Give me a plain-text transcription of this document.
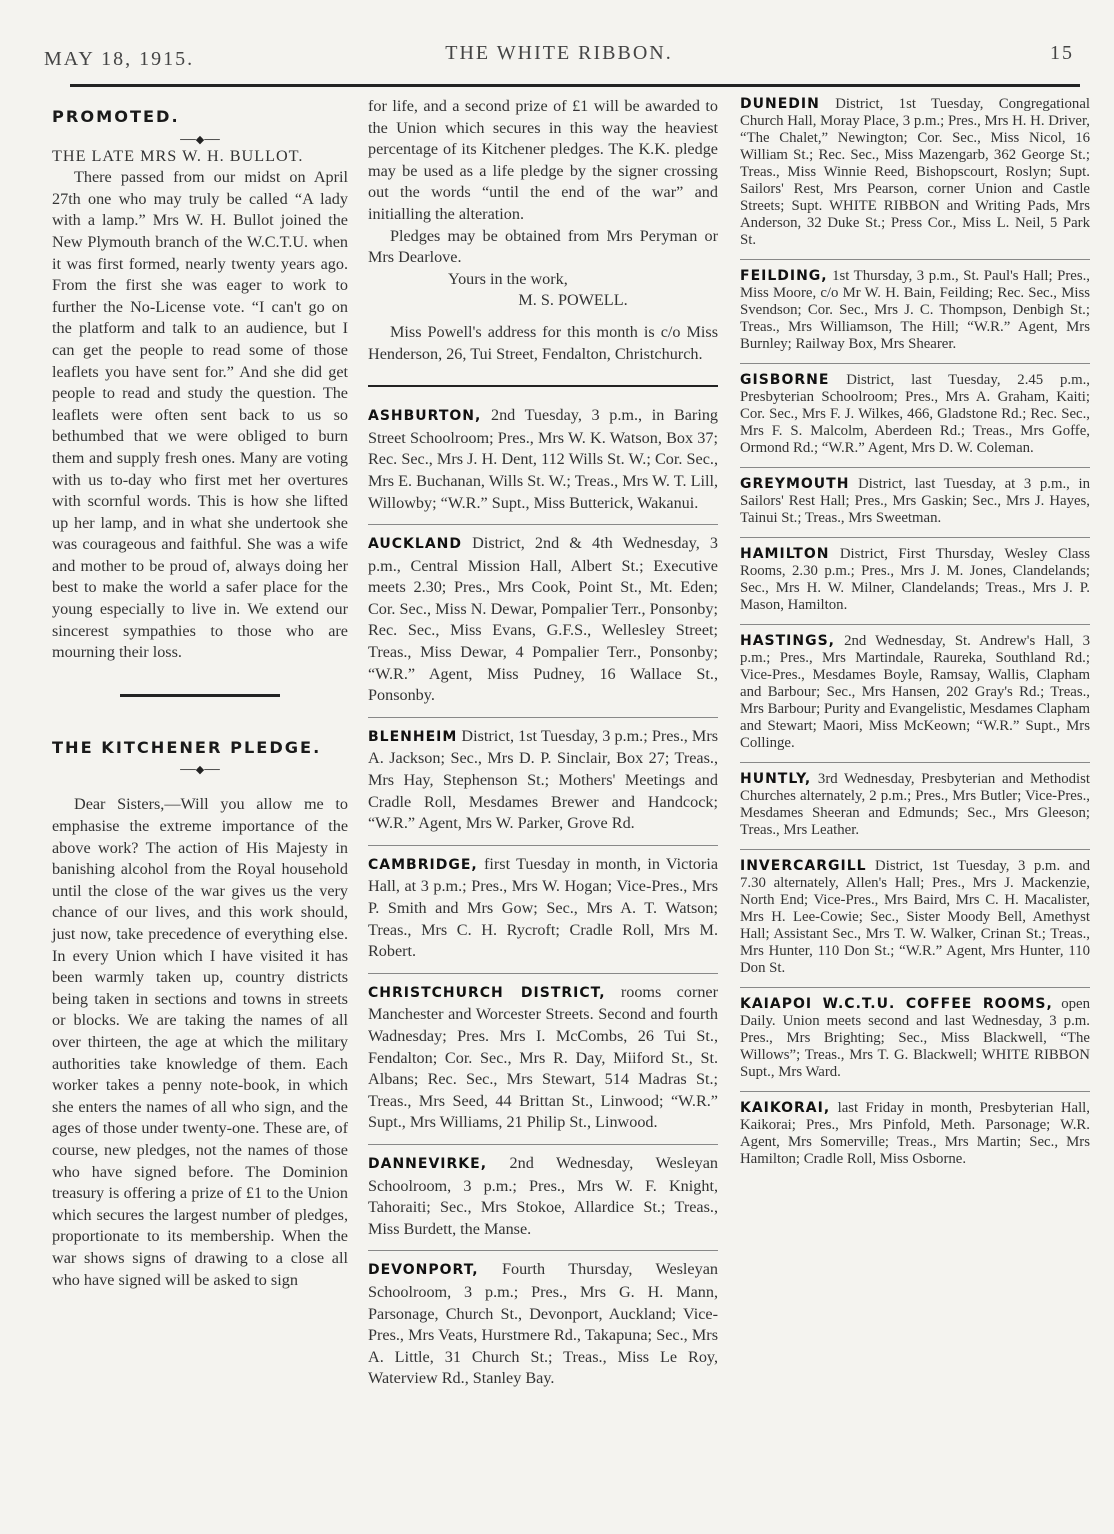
MAY 18, 1915.	THE WHITE RIBBON.	15

PROMOTED.

──◆──

THE LATE MRS W. H. BULLOT.

There passed from our midst on April 27th one who may truly be called “A lady with a lamp.” Mrs W. H. Bullot joined the New Plymouth branch of the W.C.T.U. when it was first formed, nearly twenty years ago. From the first she was eager to work to further the No-License vote. “I can't go on the platform and talk to an audience, but I can get the people to read some of those leaflets you have sent for.” And she did get people to read and study the question. The leaflets were often sent back to us so bethumbed that we were obliged to burn them and supply fresh ones. Many are voting with us to-day who first met her overtures with scornful words. This is how she lifted up her lamp, and in what she undertook she was courageous and faithful. She was a wife and mother to be proud of, always doing her best to make the world a safer place for the young especially to live in. We extend our sincerest sympathies to those who are mourning their loss.

THE KITCHENER PLEDGE.

──◆──

Dear Sisters,—Will you allow me to emphasise the extreme importance of the above work? The action of His Majesty in banishing alcohol from the Royal household until the close of the war gives us the very chance of our lives, and this work should, just now, take precedence of everything else. In every Union which I have visited it has been warmly taken up, country districts being taken in sections and towns in streets or blocks. We are taking the names of all over thirteen, the age at which the military authorities take knowledge of them. Each worker takes a penny note-book, in which she enters the names of all who sign, and the ages of those under twenty-one. These are, of course, new pledges, not the names of those who have signed before. The Dominion treasury is offering a prize of £1 to the Union which secures the largest number of pledges, proportionate to its membership. When the war shows signs of drawing to a close all who have signed will be asked to sign

for life, and a second prize of £1 will be awarded to the Union which secures in this way the heaviest percentage of its Kitchener pledges. The K.K. pledge may be used as a life pledge by the signer crossing out the words “until the end of the war” and initialling the alteration.

Pledges may be obtained from Mrs Peryman or Mrs Dearlove.

Yours in the work,

M. S. POWELL.

Miss Powell's address for this month is c/o Miss Henderson, 26, Tui Street, Fendalton, Christchurch.

ASHBURTON, 2nd Tuesday, 3 p.m., in Baring Street Schoolroom; Pres., Mrs W. K. Watson, Box 37; Rec. Sec., Mrs J. H. Dent, 112 Wills St. W.; Cor. Sec., Mrs E. Buchanan, Wills St. W.; Treas., Mrs W. T. Lill, Willowby; “W.R.” Supt., Miss Butterick, Wakanui.

AUCKLAND District, 2nd & 4th Wednesday, 3 p.m., Central Mission Hall, Albert St.; Executive meets 2.30; Pres., Mrs Cook, Point St., Mt. Eden; Cor. Sec., Miss N. Dewar, Pompalier Terr., Ponsonby; Rec. Sec., Miss Evans, G.F.S., Wellesley Street; Treas., Miss Dewar, 4 Pompalier Terr., Ponsonby; “W.R.” Agent, Miss Pudney, 16 Wallace St., Ponsonby.

BLENHEIM District, 1st Tuesday, 3 p.m.; Pres., Mrs A. Jackson; Sec., Mrs D. P. Sinclair, Box 27; Treas., Mrs Hay, Stephenson St.; Mothers' Meetings and Cradle Roll, Mesdames Brewer and Handcock; “W.R.” Agent, Mrs W. Parker, Grove Rd.

CAMBRIDGE, first Tuesday in month, in Victoria Hall, at 3 p.m.; Pres., Mrs W. Hogan; Vice-Pres., Mrs P. Smith and Mrs Gow; Sec., Mrs A. T. Watson; Treas., Mrs C. H. Rycroft; Cradle Roll, Mrs M. Robert.

CHRISTCHURCH DISTRICT, rooms corner Manchester and Worcester Streets. Second and fourth Wadnesday; Pres. Mrs I. McCombs, 26 Tui St., Fendalton; Cor. Sec., Mrs R. Day, Miiford St., St. Albans; Rec. Sec., Mrs Stewart, 514 Madras St.; Treas., Mrs Seed, 44 Brittan St., Linwood; “W.R.” Supt., Mrs Williams, 21 Philip St., Linwood.

DANNEVIRKE, 2nd Wednesday, Wesleyan Schoolroom, 3 p.m.; Pres., Mrs W. F. Knight, Tahoraiti; Sec., Mrs Stokoe, Allardice St.; Treas., Miss Burdett, the Manse.

DEVONPORT, Fourth Thursday, Wesleyan Schoolroom, 3 p.m.; Pres., Mrs G. H. Mann, Parsonage, Church St., Devonport, Auckland; Vice-Pres., Mrs Veats, Hurstmere Rd., Takapuna; Sec., Mrs A. Little, 31 Church St.; Treas., Miss Le Roy, Waterview Rd., Stanley Bay.

DUNEDIN District, 1st Tuesday, Congregational Church Hall, Moray Place, 3 p.m.; Pres., Mrs H. H. Driver, “The Chalet,” Newington; Cor. Sec., Miss Nicol, 16 William St.; Rec. Sec., Miss Mazengarb, 362 George St.; Treas., Miss Winnie Reed, Bishopscourt, Roslyn; Supt. Sailors' Rest, Mrs Pearson, corner Union and Castle Streets; Supt. WHITE RIBBON and Writing Pads, Mrs Anderson, 32 Duke St.; Press Cor., Miss L. Neil, 5 Park St.

FEILDING, 1st Thursday, 3 p.m., St. Paul's Hall; Pres., Miss Moore, c/o Mr W. H. Bain, Feilding; Rec. Sec., Miss Svendson; Cor. Sec., Mrs J. C. Thompson, Denbigh St.; Treas., Mrs Williamson, The Hill; “W.R.” Agent, Mrs Burnley; Railway Box, Mrs Shearer.

GISBORNE District, last Tuesday, 2.45 p.m., Presbyterian Schoolroom; Pres., Mrs A. Graham, Kaiti; Cor. Sec., Mrs F. J. Wilkes, 466, Gladstone Rd.; Rec. Sec., Mrs F. S. Malcolm, Aberdeen Rd.; Treas., Mrs Goffe, Ormond Rd.; “W.R.” Agent, Mrs D. W. Coleman.

GREYMOUTH District, last Tuesday, at 3 p.m., in Sailors' Rest Hall; Pres., Mrs Gaskin; Sec., Mrs J. Hayes, Tainui St.; Treas., Mrs Sweetman.

HAMILTON District, First Thursday, Wesley Class Rooms, 2.30 p.m.; Pres., Mrs J. M. Jones, Clandelands; Sec., Mrs H. W. Milner, Clandelands; Treas., Mrs J. P. Mason, Hamilton.

HASTINGS, 2nd Wednesday, St. Andrew's Hall, 3 p.m.; Pres., Mrs Martindale, Raureka, Southland Rd.; Vice-Pres., Mesdames Boyle, Ramsay, Wallis, Clapham and Barbour; Sec., Mrs Hansen, 202 Gray's Rd.; Treas., Mrs Barbour; Purity and Evangelistic, Mesdames Clapham and Stewart; Maori, Miss McKeown; “W.R.” Supt., Mrs Collinge.

HUNTLY, 3rd Wednesday, Presbyterian and Methodist Churches alternately, 2 p.m.; Pres., Mrs Butler; Vice-Pres., Mesdames Sheeran and Edmunds; Sec., Mrs Gleeson; Treas., Mrs Leather.

INVERCARGILL District, 1st Tuesday, 3 p.m. and 7.30 alternately, Allen's Hall; Pres., Mrs J. Mackenzie, North End; Vice-Pres., Mrs Baird, Mrs C. H. Macalister, Mrs H. Lee-Cowie; Sec., Sister Moody Bell, Amethyst Hall; Assistant Sec., Mrs T. W. Walker, Crinan St.; Treas., Mrs Hunter, 110 Don St.; “W.R.” Agent, Mrs Hunter, 110 Don St.

KAIAPOI W.C.T.U. COFFEE ROOMS, open Daily. Union meets second and last Wednesday, 3 p.m. Pres., Mrs Brighting; Sec., Miss Blackwell, “The Willows”; Treas., Mrs T. G. Blackwell; WHITE RIBBON Supt., Mrs Ward.

KAIKORAI, last Friday in month, Presbyterian Hall, Kaikorai; Pres., Mrs Pinfold, Meth. Parsonage; W.R. Agent, Mrs Somerville; Treas., Mrs Martin; Sec., Mrs Hamilton; Cradle Roll, Miss Osborne.
